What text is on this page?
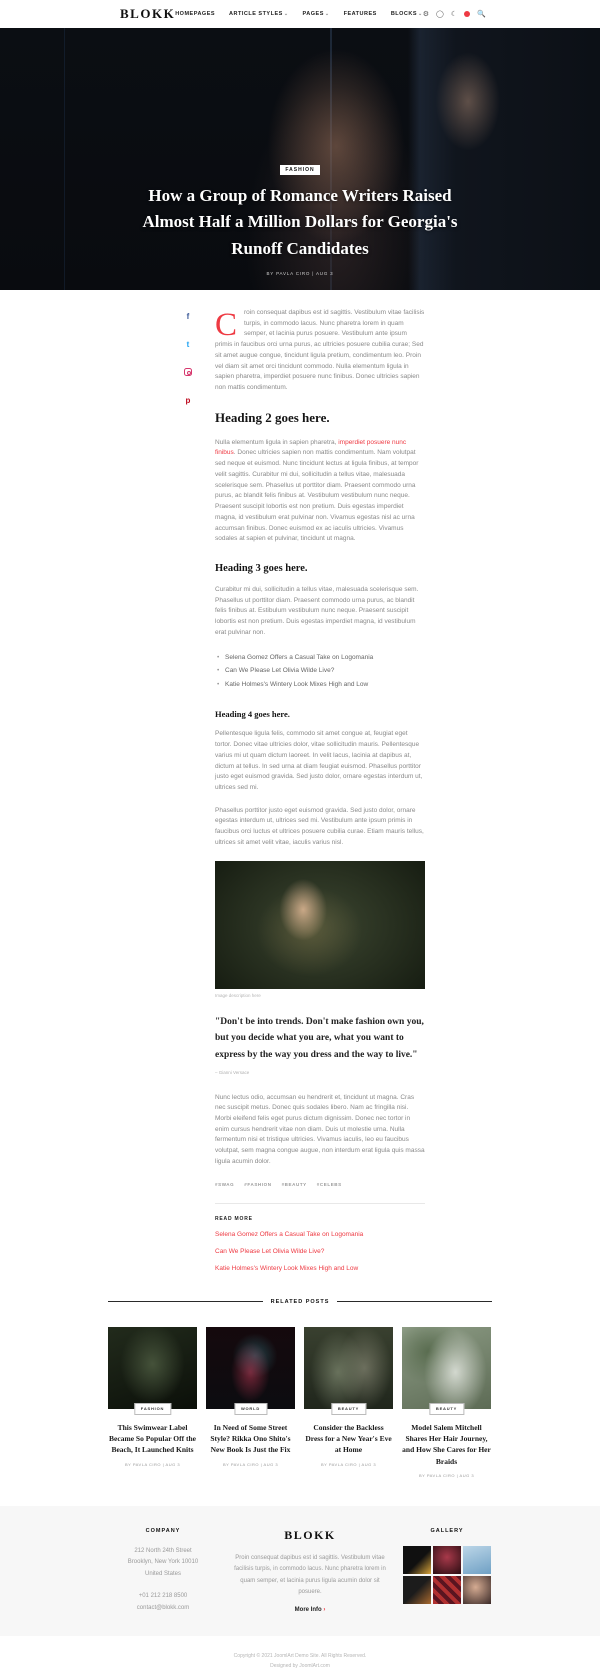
BLOKK HOMEPAGES	ARTICLE STYLES⌄	PAGES⌄	FEATURES	BLOCKS⌄ ⚙ ◯ ☾	🔍
FASHION
How a Group of Romance Writers Raised Almost Half a Million Dollars for Georgia's Runoff Candidates
BY PAVLA CIRO | AUG 3
f
t
p

C	roin consequat dapibus est id sagittis. Vestibulum vitae facilisis turpis, in commodo lacus. Nunc pharetra lorem in quam semper, et lacinia purus posuere. Vestibulum ante ipsum primis in faucibus orci urna purus, ac ultricies posuere cubilia curae; Sed sit amet augue congue, tincidunt ligula pretium, condimentum leo. Proin vel diam sit amet orci tincidunt commodo. Nulla elementum ligula in sapien pharetra, imperdiet posuere nunc finibus. Donec ultricies sapien non mattis condimentum.

Heading 2 goes here.

Nulla elementum ligula in sapien pharetra, imperdiet posuere nunc finibus. Donec ultricies sapien non mattis condimentum. Nam volutpat sed neque et euismod. Nunc tincidunt lectus at ligula finibus, at tempor velit sagittis. Curabitur mi dui, sollicitudin a tellus vitae, malesuada scelerisque sem. Phasellus ut porttitor diam. Praesent commodo urna purus, ac blandit felis finibus at. Vestibulum vestibulum nunc neque. Praesent suscipit lobortis est non pretium. Duis egestas imperdiet magna, id vestibulum erat pulvinar non. Vivamus egestas nisl ac urna accumsan finibus. Donec euismod ex ac iaculis ultricies. Vivamus sodales at sapien et pulvinar, tincidunt ut magna.

Heading 3 goes here.

Curabitur mi dui, sollicitudin a tellus vitae, malesuada scelerisque sem. Phasellus ut porttitor diam. Praesent commodo urna purus, ac blandit felis finibus at. Estibulum vestibulum nunc neque. Praesent suscipit lobortis est non pretium. Duis egestas imperdiet magna, id vestibulum erat pulvinar non.

• Selena Gomez Offers a Casual Take on Logomania
• Can We Please Let Olivia Wilde Live?
• Katie Holmes's Wintery Look Mixes High and Low
Heading 4 goes here.

Pellentesque ligula felis, commodo sit amet congue at, feugiat eget tortor. Donec vitae ultricies dolor, vitae sollicitudin mauris. Pellentesque varius mi ut quam dictum laoreet. In velit lacus, lacinia at dapibus at, dictum at tellus. In sed urna at diam feugiat euismod. Phasellus porttitor justo eget euismod gravida. Sed justo dolor, ornare egestas interdum ut, ultrices sed mi.

Phasellus porttitor justo eget euismod gravida. Sed justo dolor, ornare egestas interdum ut, ultrices sed mi. Vestibulum ante ipsum primis in faucibus orci luctus et ultrices posuere cubilia curae. Etiam mauris tellus, ultrices sit amet velit vitae, iaculis varius nisl.

Image description here
"Don't be into trends. Don't make fashion own you, but you decide what you are, what you want to express by the way you dress and the way to live."
– Gianni Versace

Nunc lectus odio, accumsan eu hendrerit et, tincidunt ut magna. Cras nec suscipit metus. Donec quis sodales libero. Nam ac fringilla nisi. Morbi eleifend felis eget purus dictum dignissim. Donec nec tortor in enim cursus hendrerit vitae non diam. Duis ut molestie urna. Nulla fermentum nisi et tristique ultricies. Vivamus iaculis, leo eu faucibus volutpat, sem magna congue augue, non interdum erat ligula quis massa ligula acumin dolor.

#SWAG #FASHION #BEAUTY #CELEBS
READ MORE
Selena Gomez Offers a Casual Take on Logomania
Can We Please Let Olivia Wilde Live?
Katie Holmes's Wintery Look Mixes High and Low
RELATED POSTS
FASHION
This Swimwear Label Became So Popular Off the Beach, It Launched Knits
BY PAVLA CIRO | AUG 3
WORLD
In Need of Some Street Style? Rikka Ono Shito's New Book Is Just the Fix
BY PAVLA CIRO | AUG 3
BEAUTY
Consider the Backless Dress for a New Year's Eve at Home
BY PAVLA CIRO | AUG 3
BEAUTY
Model Salem Mitchell Shares Her Hair Journey, and How She Cares for Her Braids
BY PAVLA CIRO | AUG 3
COMPANY
212 North 24th Street
Brooklyn, New York 10010
United States

+01 212 218 8500
contact@blokk.com
BLOKK
Proin consequat dapibus est id sagittis. Vestibulum vitae facilisis turpis, in commodo lacus. Nunc pharetra lorem in quam semper, et lacinia purus ligula acumin dolor sit posuere.
More Info ›
GALLERY
Copyright © 2021 JoomlArt Demo Site. All Rights Reserved.
Designed by JoomlArt.com
